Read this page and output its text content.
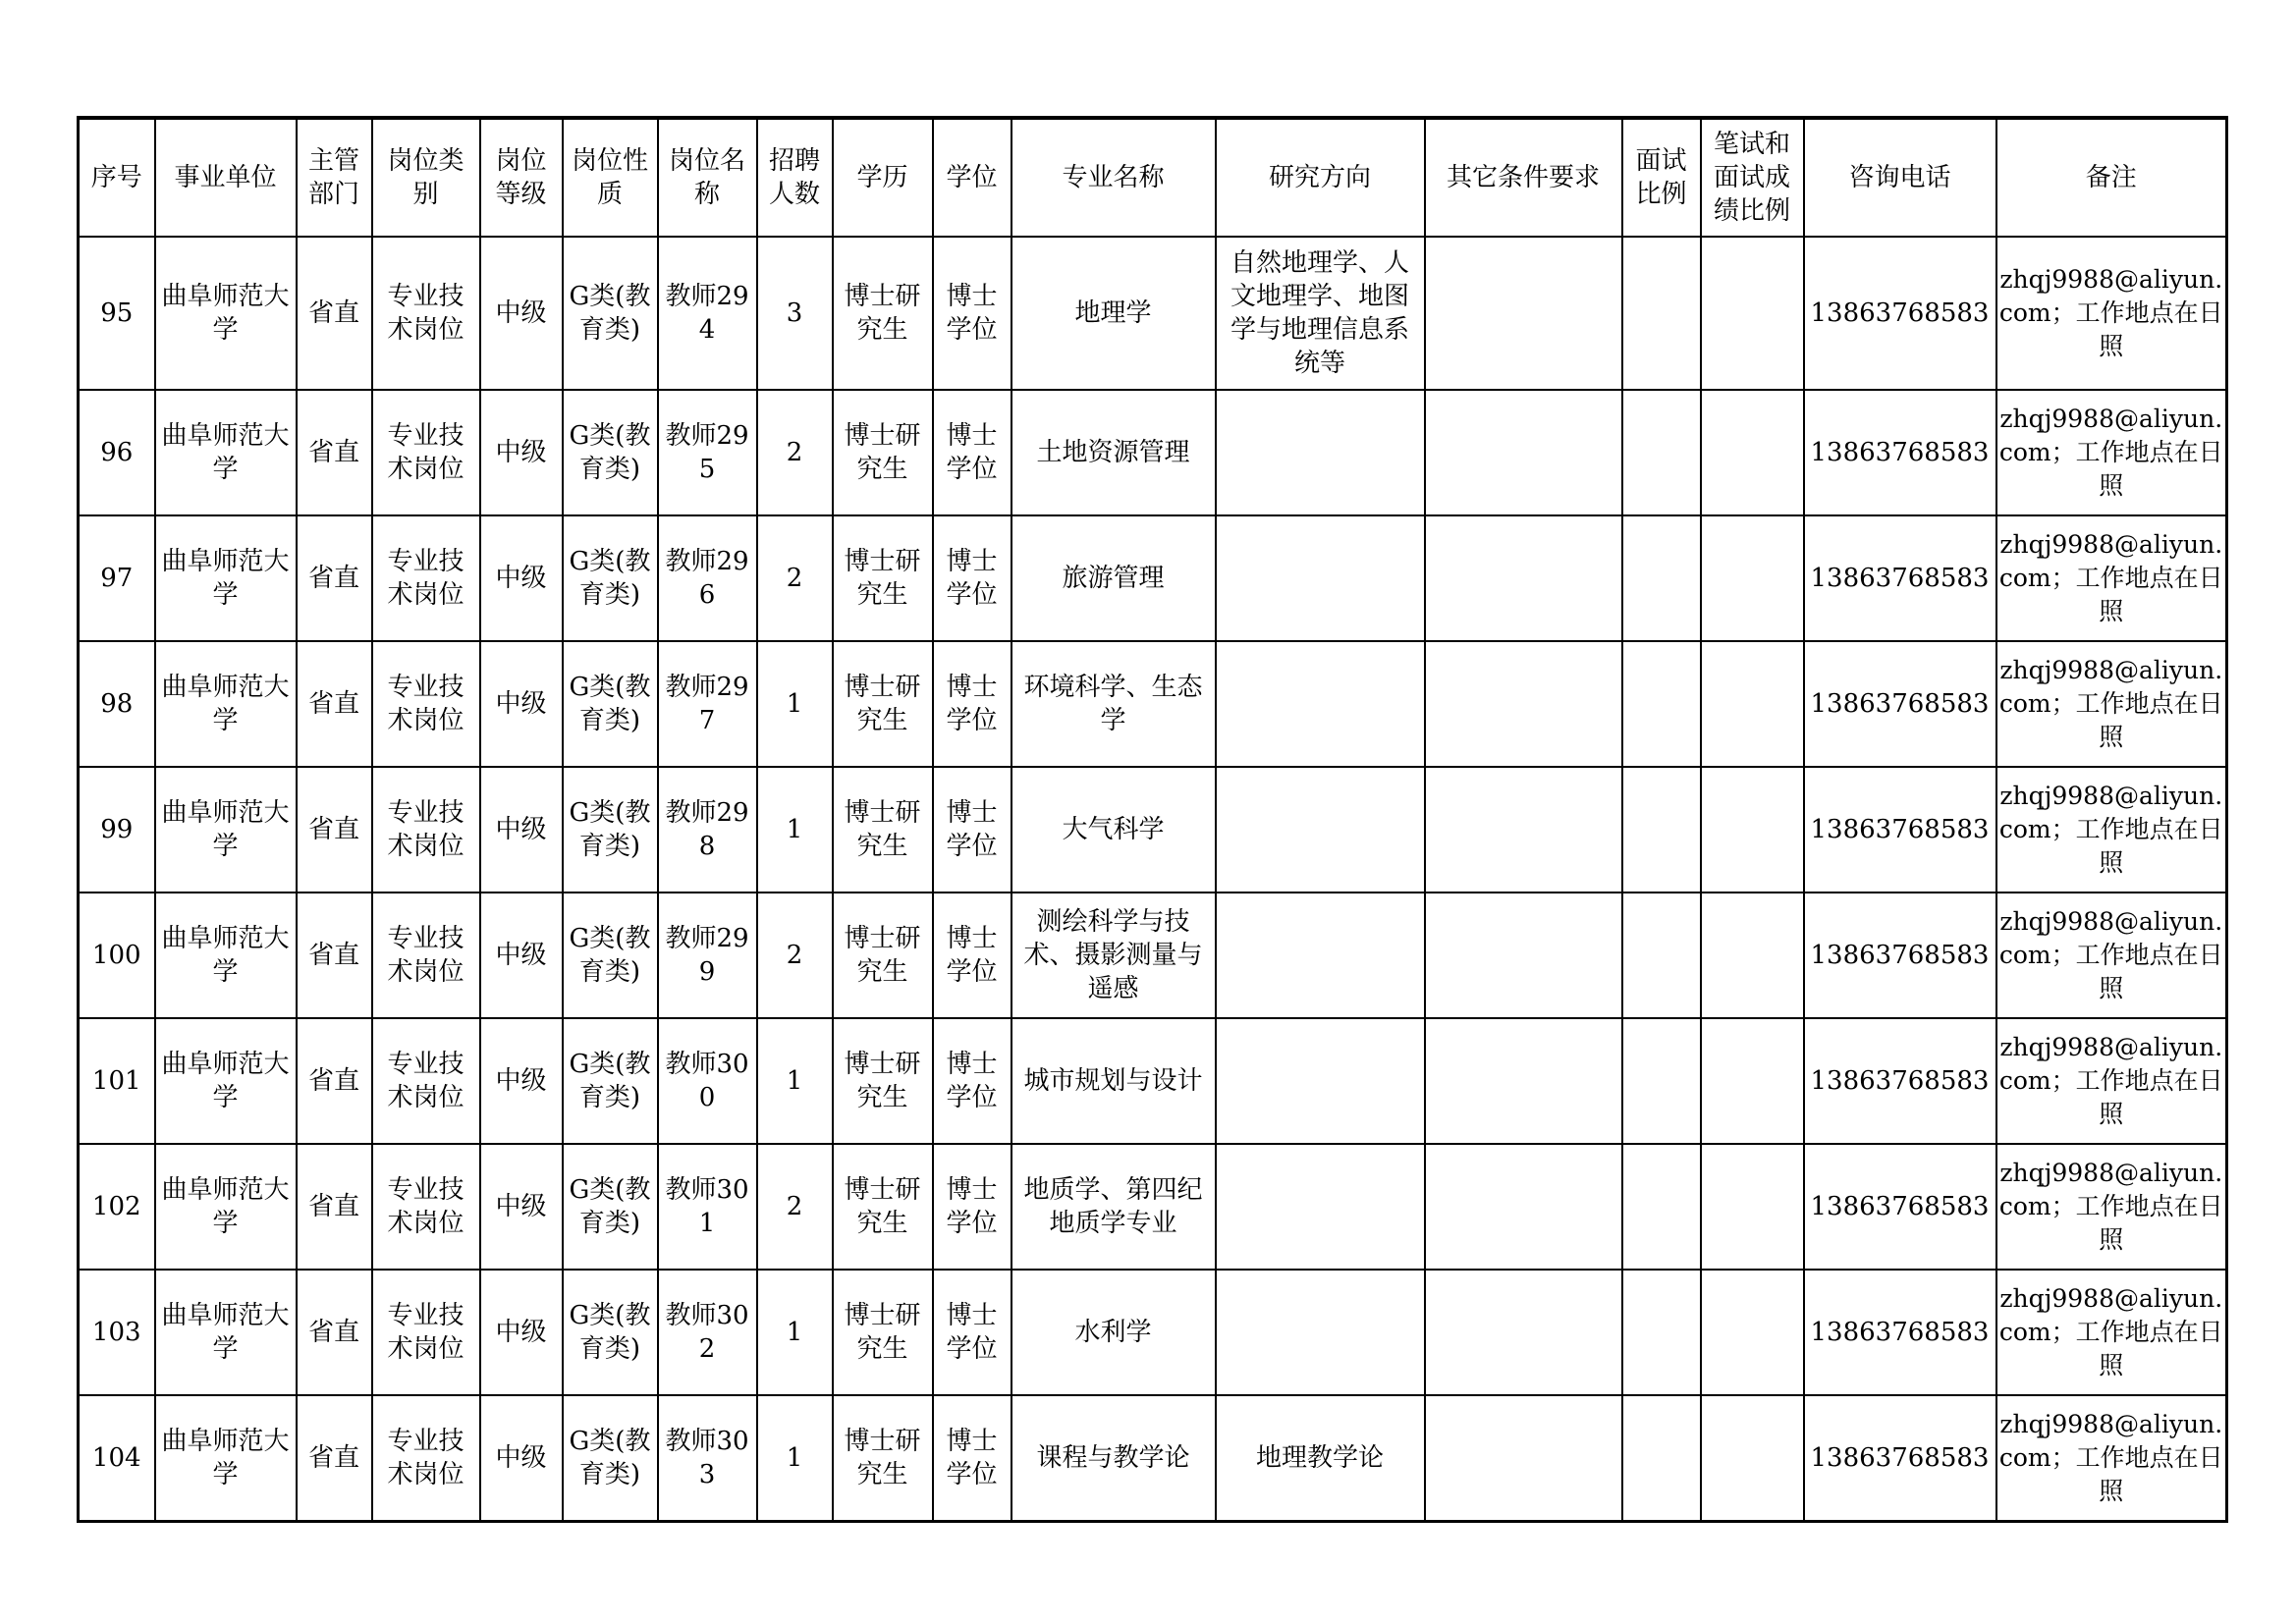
序号	事业单位	主管部门	岗位类别	岗位等级	岗位性质	岗位名称	招聘人数	学历	学位	专业名称	研究方向	其它条件要求	面试比例	笔试和面试成绩比例	咨询电话	备注
95	曲阜师范大学	省直	专业技术岗位	中级	G类(教育类)	教师294	3	博士研究生	博士学位	地理学	自然地理学、人文地理学、地图学与地理信息系统等				13863768583	zhqj9988@aliyun.com；工作地点在日照
96	曲阜师范大学	省直	专业技术岗位	中级	G类(教育类)	教师295	2	博士研究生	博士学位	土地资源管理					13863768583	zhqj9988@aliyun.com；工作地点在日照
97	曲阜师范大学	省直	专业技术岗位	中级	G类(教育类)	教师296	2	博士研究生	博士学位	旅游管理					13863768583	zhqj9988@aliyun.com；工作地点在日照
98	曲阜师范大学	省直	专业技术岗位	中级	G类(教育类)	教师297	1	博士研究生	博士学位	环境科学、生态学					13863768583	zhqj9988@aliyun.com；工作地点在日照
99	曲阜师范大学	省直	专业技术岗位	中级	G类(教育类)	教师298	1	博士研究生	博士学位	大气科学					13863768583	zhqj9988@aliyun.com；工作地点在日照
100	曲阜师范大学	省直	专业技术岗位	中级	G类(教育类)	教师299	2	博士研究生	博士学位	测绘科学与技术、摄影测量与遥感					13863768583	zhqj9988@aliyun.com；工作地点在日照
101	曲阜师范大学	省直	专业技术岗位	中级	G类(教育类)	教师300	1	博士研究生	博士学位	城市规划与设计					13863768583	zhqj9988@aliyun.com；工作地点在日照
102	曲阜师范大学	省直	专业技术岗位	中级	G类(教育类)	教师301	2	博士研究生	博士学位	地质学、第四纪地质学专业					13863768583	zhqj9988@aliyun.com；工作地点在日照
103	曲阜师范大学	省直	专业技术岗位	中级	G类(教育类)	教师302	1	博士研究生	博士学位	水利学					13863768583	zhqj9988@aliyun.com；工作地点在日照
104	曲阜师范大学	省直	专业技术岗位	中级	G类(教育类)	教师303	1	博士研究生	博士学位	课程与教学论	地理教学论				13863768583	zhqj9988@aliyun.com；工作地点在日照
